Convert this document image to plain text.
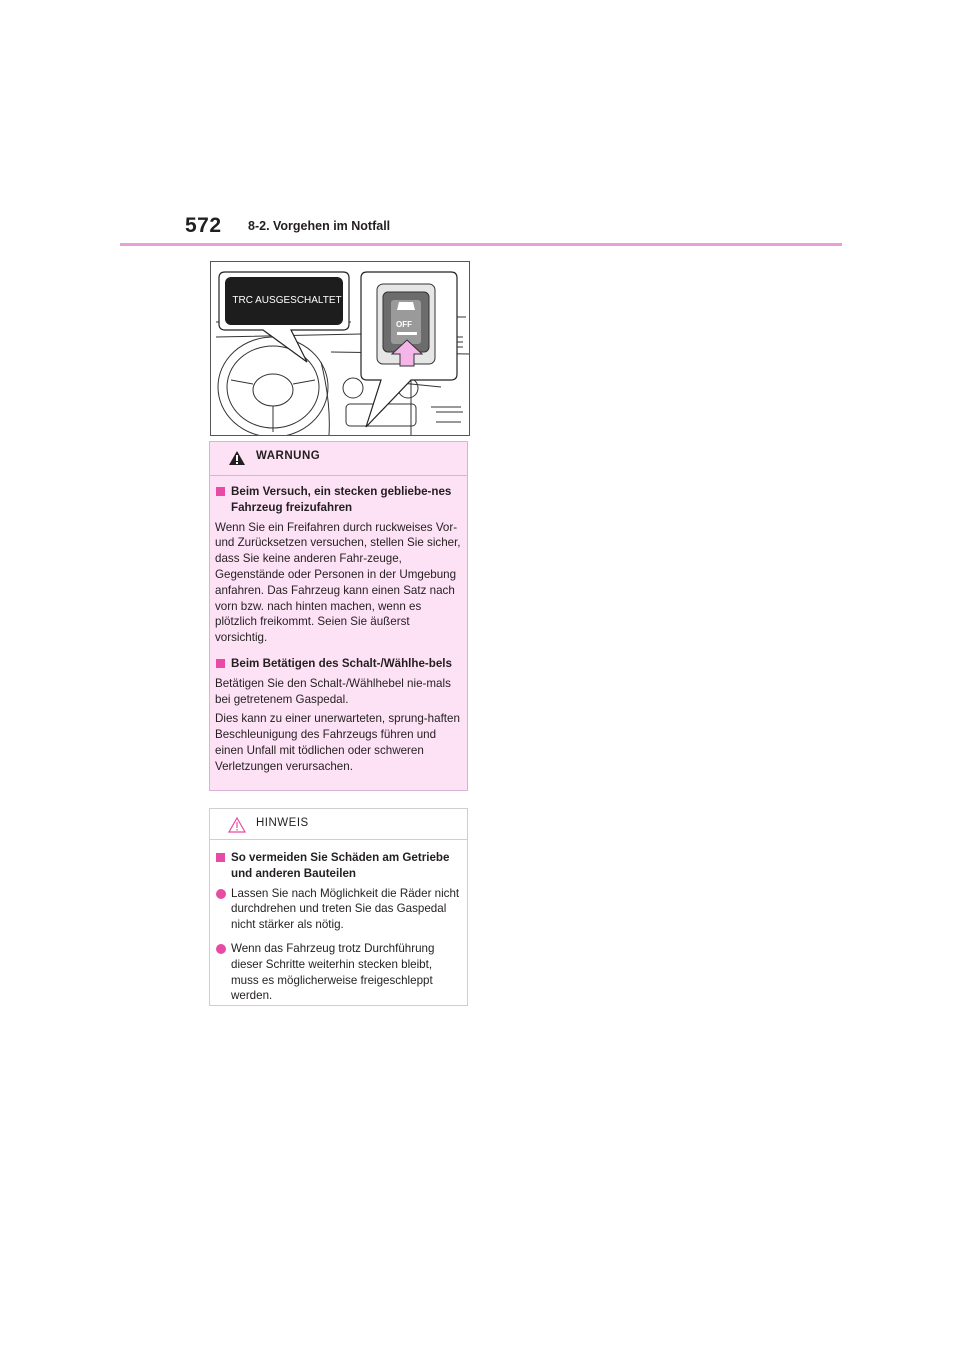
572 8-2. Vorgehen im Notfall
TRC AUSGESCHALTET
OFF
WARNUNG
Beim Versuch, ein stecken gebliebe-nes Fahrzeug freizufahren
Wenn Sie ein Freifahren durch ruckweises Vor- und Zurücksetzen versuchen, stellen Sie sicher, dass Sie keine anderen Fahr-zeuge, Gegenstände oder Personen in der Umgebung anfahren. Das Fahrzeug kann einen Satz nach vorn bzw. nach hinten machen, wenn es plötzlich freikommt. Seien Sie äußerst vorsichtig.
Beim Betätigen des Schalt-/Wählhe-bels
Betätigen Sie den Schalt-/Wählhebel nie-mals bei getretenem Gaspedal.
Dies kann zu einer unerwarteten, sprung-haften Beschleunigung des Fahrzeugs führen und einen Unfall mit tödlichen oder schweren Verletzungen verursachen.
HINWEIS
So vermeiden Sie Schäden am Getriebe und anderen Bauteilen
Lassen Sie nach Möglichkeit die Räder nicht durchdrehen und treten Sie das Gaspedal nicht stärker als nötig.
Wenn das Fahrzeug trotz Durchführung dieser Schritte weiterhin stecken bleibt, muss es möglicherweise freigeschleppt werden.
